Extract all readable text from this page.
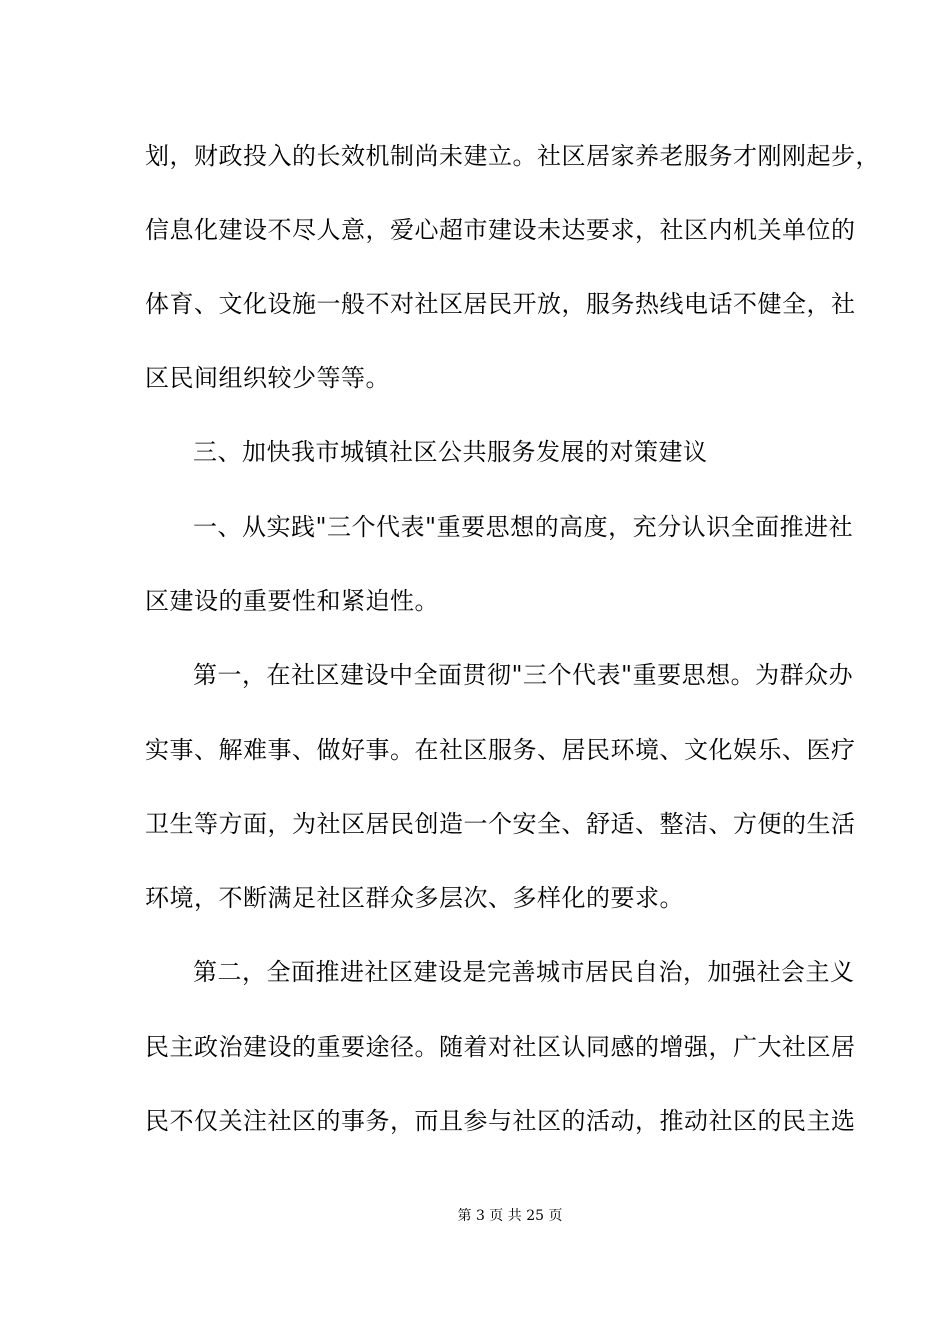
划，财政投入的长效机制尚未建立。社区居家养老服务才刚刚起步，
信息化建设不尽人意，爱心超市建设未达要求，社区内机关单位的
体育、文化设施一般不对社区居民开放，服务热线电话不健全，社
区民间组织较少等等。
三、加快我市城镇社区公共服务发展的对策建议
一、从实践"三个代表"重要思想的高度，充分认识全面推进社
区建设的重要性和紧迫性。
第一，在社区建设中全面贯彻"三个代表"重要思想。为群众办
实事、解难事、做好事。在社区服务、居民环境、文化娱乐、医疗
卫生等方面，为社区居民创造一个安全、舒适、整洁、方便的生活
环境，不断满足社区群众多层次、多样化的要求。
第二，全面推进社区建设是完善城市居民自治，加强社会主义
民主政治建设的重要途径。随着对社区认同感的增强，广大社区居
民不仅关注社区的事务，而且参与社区的活动，推动社区的民主选
第 3 页 共 25 页
